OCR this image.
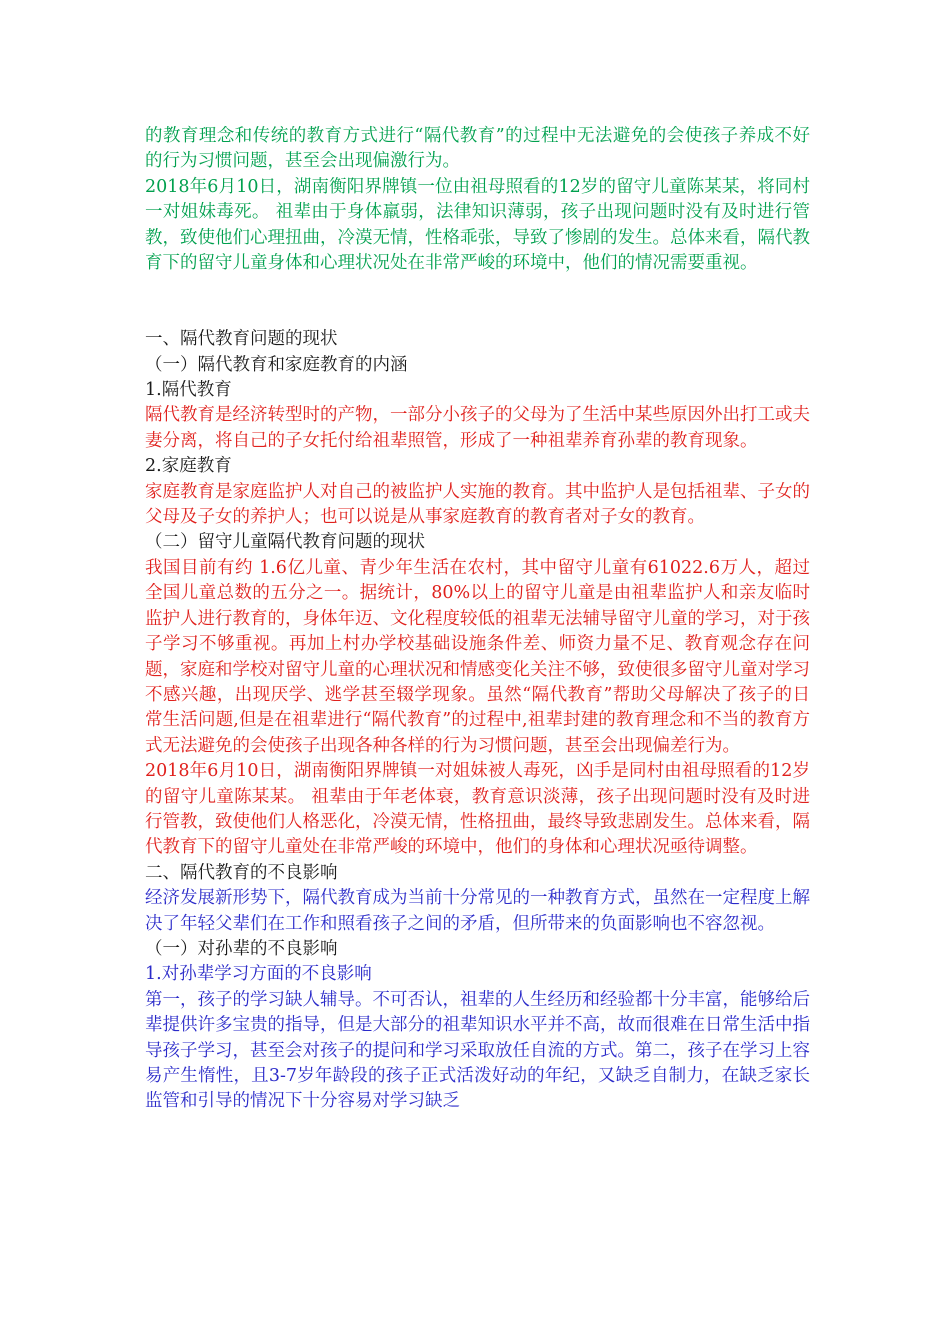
的教育理念和传统的教育方式进行“隔代教育”的过程中无法避免的会使孩子养成不好的行为习惯问题，甚至会出现偏激行为。

2018年6月10日，湖南衡阳界牌镇一位由祖母照看的12岁的留守儿童陈某某，将同村一对姐妹毒死。 祖辈由于身体羸弱，法律知识薄弱，孩子出现问题时没有及时进行管教，致使他们心理扭曲，冷漠无情，性格乖张，导致了惨剧的发生。总体来看，隔代教育下的留守儿童身体和心理状况处在非常严峻的环境中，他们的情况需要重视。

一、隔代教育问题的现状

（一）隔代教育和家庭教育的内涵

1.隔代教育

隔代教育是经济转型时的产物，一部分小孩子的父母为了生活中某些原因外出打工或夫妻分离，将自己的子女托付给祖辈照管，形成了一种祖辈养育孙辈的教育现象。

2.家庭教育

家庭教育是家庭监护人对自己的被监护人实施的教育。其中监护人是包括祖辈、子女的父母及子女的养护人；也可以说是从事家庭教育的教育者对子女的教育。

（二）留守儿童隔代教育问题的现状

我国目前有约 1.6亿儿童、青少年生活在农村，其中留守儿童有61022.6万人，超过全国儿童总数的五分之一。据统计，80%以上的留守儿童是由祖辈监护人和亲友临时监护人进行教育的，身体年迈、文化程度较低的祖辈无法辅导留守儿童的学习，对于孩子学习不够重视。再加上村办学校基础设施条件差、师资力量不足、教育观念存在问题，家庭和学校对留守儿童的心理状况和情感变化关注不够，致使很多留守儿童对学习不感兴趣，出现厌学、逃学甚至辍学现象。虽然“隔代教育”帮助父母解决了孩子的日常生活问题,但是在祖辈进行“隔代教育”的过程中,祖辈封建的教育理念和不当的教育方式无法避免的会使孩子出现各种各样的行为习惯问题，甚至会出现偏差行为。

2018年6月10日，湖南衡阳界牌镇一对姐妹被人毒死，凶手是同村由祖母照看的12岁的留守儿童陈某某。 祖辈由于年老体衰，教育意识淡薄，孩子出现问题时没有及时进行管教，致使他们人格恶化，冷漠无情，性格扭曲，最终导致悲剧发生。总体来看，隔代教育下的留守儿童处在非常严峻的环境中，他们的身体和心理状况亟待调整。

二、隔代教育的不良影响

经济发展新形势下，隔代教育成为当前十分常见的一种教育方式，虽然在一定程度上解决了年轻父辈们在工作和照看孩子之间的矛盾，但所带来的负面影响也不容忽视。

（一）对孙辈的不良影响

1.对孙辈学习方面的不良影响

第一，孩子的学习缺人辅导。不可否认，祖辈的人生经历和经验都十分丰富，能够给后辈提供许多宝贵的指导，但是大部分的祖辈知识水平并不高，故而很难在日常生活中指导孩子学习，甚至会对孩子的提问和学习采取放任自流的方式。第二，孩子在学习上容易产生惰性，且3-7岁年龄段的孩子正式活泼好动的年纪，又缺乏自制力，在缺乏家长监管和引导的情况下十分容易对学习缺乏
